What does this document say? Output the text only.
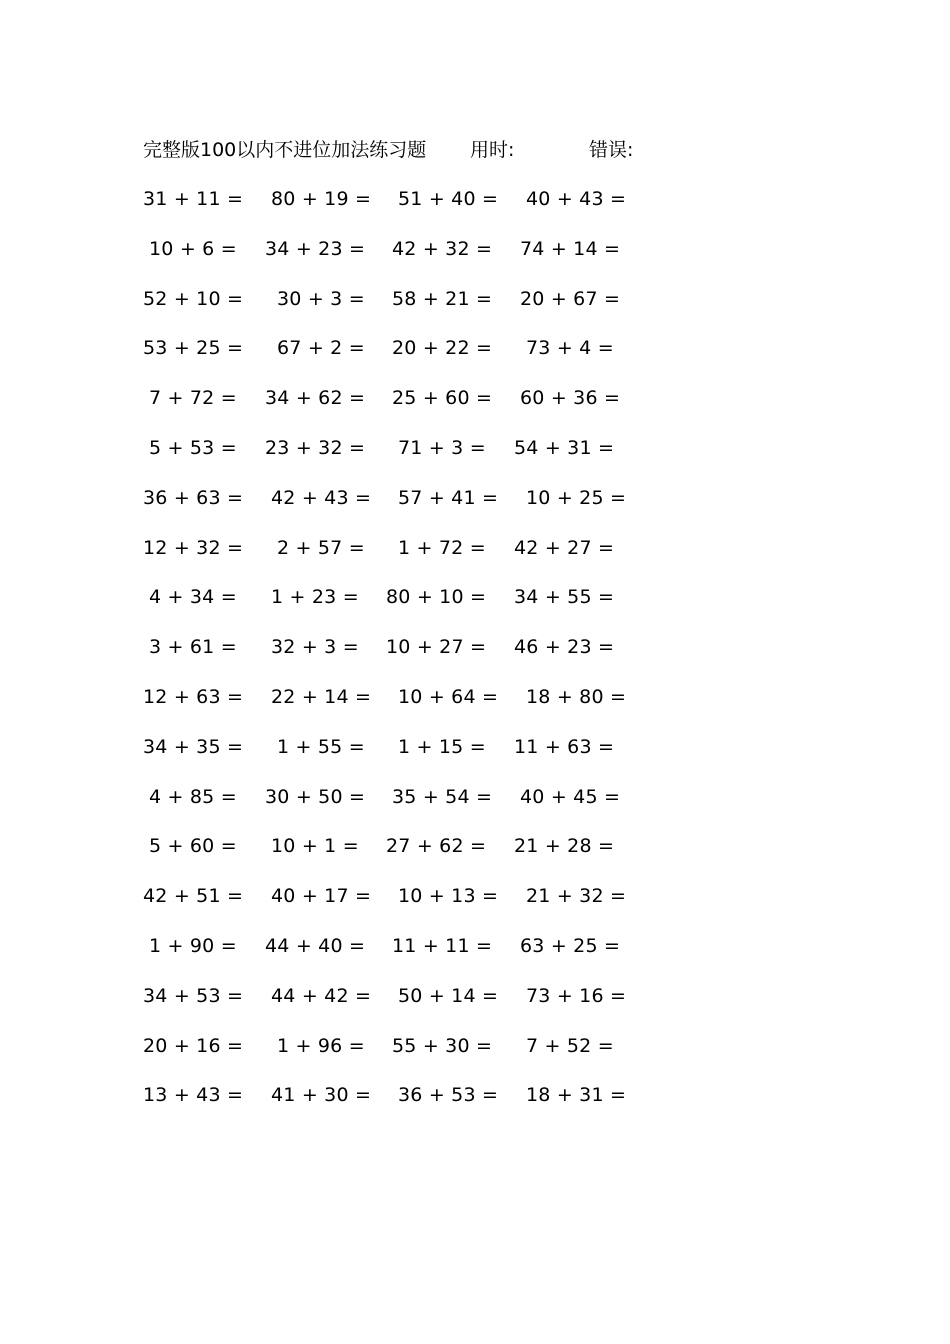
完整版100以内不进位加法练习题 用时:	错误:
31 + 11 = 80 + 19 = 51 + 40 = 40 + 43 =
10 + 6 = 34 + 23 = 42 + 32 = 74 + 14 =
52 + 10 = 30 + 3 = 58 + 21 = 20 + 67 =
53 + 25 = 67 + 2 = 20 + 22 = 73 + 4 =
7 + 72 = 34 + 62 = 25 + 60 = 60 + 36 =
5 + 53 = 23 + 32 = 71 + 3 = 54 + 31 =
36 + 63 = 42 + 43 = 57 + 41 = 10 + 25 =
12 + 32 = 2 + 57 = 1 + 72 = 42 + 27 =
4 + 34 = 1 + 23 = 80 + 10 = 34 + 55 =
3 + 61 = 32 + 3 = 10 + 27 = 46 + 23 =
12 + 63 = 22 + 14 = 10 + 64 = 18 + 80 =
34 + 35 = 1 + 55 = 1 + 15 = 11 + 63 =
4 + 85 = 30 + 50 = 35 + 54 = 40 + 45 =
5 + 60 = 10 + 1 = 27 + 62 = 21 + 28 =
42 + 51 = 40 + 17 = 10 + 13 = 21 + 32 =
1 + 90 = 44 + 40 = 11 + 11 = 63 + 25 =
34 + 53 = 44 + 42 = 50 + 14 = 73 + 16 =
20 + 16 = 1 + 96 = 55 + 30 = 7 + 52 =
13 + 43 = 41 + 30 = 36 + 53 = 18 + 31 =
